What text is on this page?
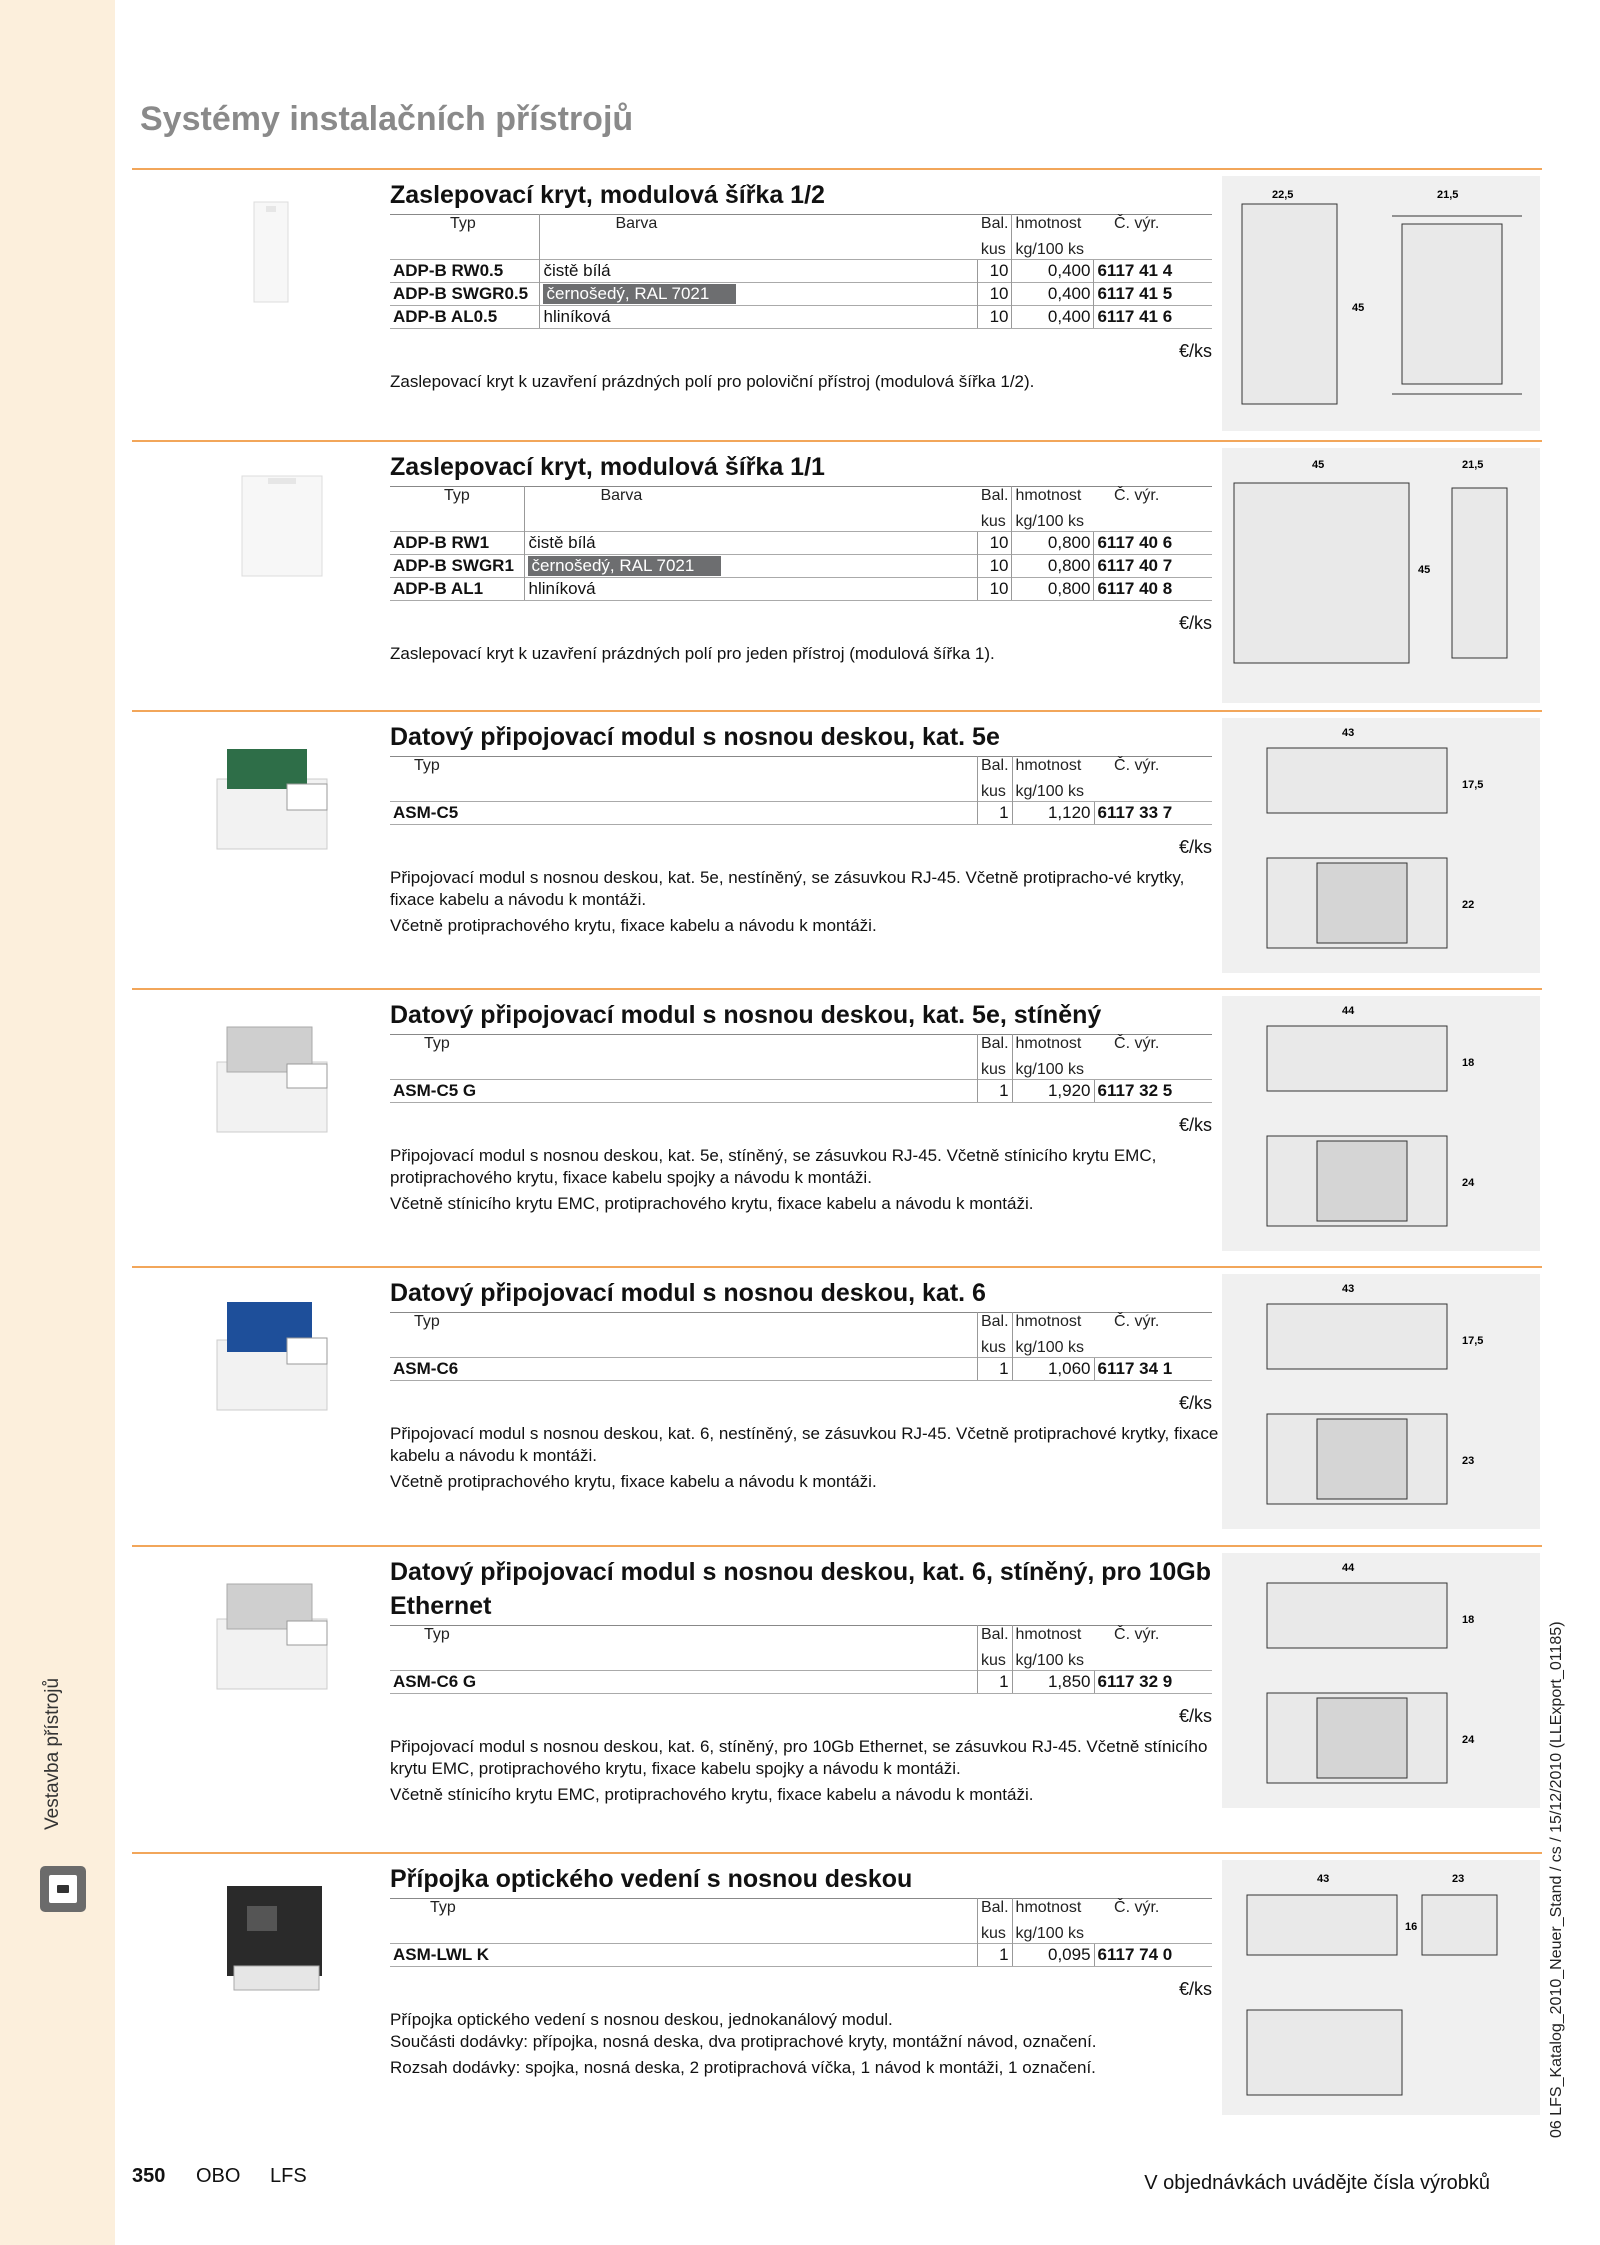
Vestavba přístrojů
Systémy instalačních přístrojů
06 LFS_Katalog_2010_Neuer_Stand / cs / 15/12/2010 (LLExport_01185)
Zaslepovací kryt, modulová šířka 1/2
Typ	Barva	Bal.	hmotnost	Č. výr.
		kus	kg/100 ks	
ADP-B RW0.5	čistě bílá	10	0,400	6117 41 4
ADP-B SWGR0.5	černošedý, RAL 7021	10	0,400	6117 41 5
ADP-B AL0.5	hliníková	10	0,400	6117 41 6
€/ks

Zaslepovací kryt k uzavření prázdných polí pro poloviční přístroj (modulová šířka 1/2).

22,5	21,5
45
Zaslepovací kryt, modulová šířka 1/1
Typ	Barva	Bal.	hmotnost	Č. výr.
		kus	kg/100 ks	
ADP-B RW1	čistě bílá	10	0,800	6117 40 6
ADP-B SWGR1	černošedý, RAL 7021	10	0,800	6117 40 7
ADP-B AL1	hliníková	10	0,800	6117 40 8
€/ks

Zaslepovací kryt k uzavření prázdných polí pro jeden přístroj (modulová šířka 1).

45	21,5
45
Datový připojovací modul s nosnou deskou, kat. 5e
Typ	Bal.	hmotnost	Č. výr.
	kus	kg/100 ks	
ASM-C5	1	1,120	6117 33 7
€/ks

Připojovací modul s nosnou deskou, kat. 5e, nestíněný, se zásuvkou RJ-45. Včetně protipracho-vé krytky, fixace kabelu a návodu k montáži.

Včetně protiprachového krytu, fixace kabelu a návodu k montáži.

43
17,5
22
Datový připojovací modul s nosnou deskou, kat. 5e, stíněný
Typ	Bal.	hmotnost	Č. výr.
	kus	kg/100 ks	
ASM-C5 G	1	1,920	6117 32 5
€/ks

Připojovací modul s nosnou deskou, kat. 5e, stíněný, se zásuvkou RJ-45. Včetně stínicího krytu EMC, protiprachového krytu, fixace kabelu spojky a návodu k montáži.

Včetně stínicího krytu EMC, protiprachového krytu, fixace kabelu a návodu k montáži.

44
18
24
Datový připojovací modul s nosnou deskou, kat. 6
Typ	Bal.	hmotnost	Č. výr.
	kus	kg/100 ks	
ASM-C6	1	1,060	6117 34 1
€/ks

Připojovací modul s nosnou deskou, kat. 6, nestíněný, se zásuvkou RJ-45. Včetně protiprachové krytky, fixace kabelu a návodu k montáži.

Včetně protiprachového krytu, fixace kabelu a návodu k montáži.

43
17,5
23
Datový připojovací modul s nosnou deskou, kat. 6, stíněný, pro 10Gb Ethernet
Typ	Bal.	hmotnost	Č. výr.
	kus	kg/100 ks	
ASM-C6 G	1	1,850	6117 32 9
€/ks

Připojovací modul s nosnou deskou, kat. 6, stíněný, pro 10Gb Ethernet, se zásuvkou RJ-45. Včetně stínicího krytu EMC, protiprachového krytu, fixace kabelu spojky a návodu k montáži.

Včetně stínicího krytu EMC, protiprachového krytu, fixace kabelu a návodu k montáži.

44
18
24
Přípojka optického vedení s nosnou deskou
Typ	Bal.	hmotnost	Č. výr.
	kus	kg/100 ks	
ASM-LWL K	1	0,095	6117 74 0
€/ks

Přípojka optického vedení s nosnou deskou, jednokanálový modul.

Součásti dodávky: přípojka, nosná deska, dva protiprachové kryty, montážní návod, označení.

Rozsah dodávky: spojka, nosná deska, 2 protiprachová víčka, 1 návod k montáži, 1 označení.

43	23
16
350 OBO LFS	V objednávkách uvádějte čísla výrobků
